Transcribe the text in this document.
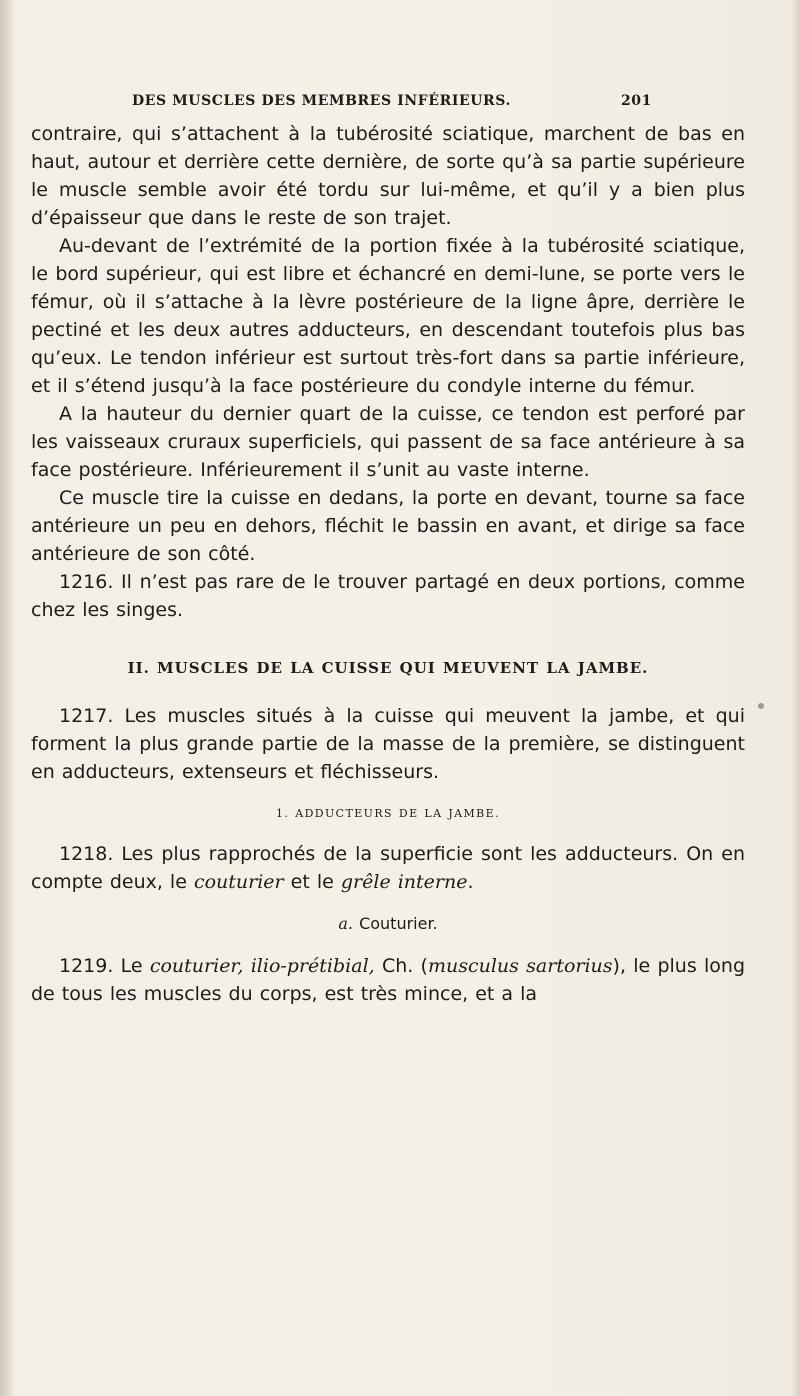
DES MUSCLES DES MEMBRES INFÉRIEURS.	201

contraire, qui s’attachent à la tubérosité sciatique, marchent de bas en haut, autour et derrière cette dernière, de sorte qu’à sa partie supérieure le muscle semble avoir été tordu sur lui-même, et qu’il y a bien plus d’épaisseur que dans le reste de son trajet.

Au-devant de l’extrémité de la portion fixée à la tubérosité sciatique, le bord supérieur, qui est libre et échancré en demi-lune, se porte vers le fémur, où il s’attache à la lèvre postérieure de la ligne âpre, derrière le pectiné et les deux autres adducteurs, en descendant toutefois plus bas qu’eux. Le tendon inférieur est surtout très-fort dans sa partie inférieure, et il s’étend jusqu’à la face postérieure du condyle interne du fémur.

A la hauteur du dernier quart de la cuisse, ce tendon est perforé par les vaisseaux cruraux superficiels, qui passent de sa face antérieure à sa face postérieure. Inférieurement il s’unit au vaste interne.

Ce muscle tire la cuisse en dedans, la porte en devant, tourne sa face antérieure un peu en dehors, fléchit le bassin en avant, et dirige sa face antérieure de son côté.

1216. Il n’est pas rare de le trouver partagé en deux portions, comme chez les singes.

II. MUSCLES DE LA CUISSE QUI MEUVENT LA JAMBE.

1217. Les muscles situés à la cuisse qui meuvent la jambe, et qui forment la plus grande partie de la masse de la première, se distinguent en adducteurs, extenseurs et fléchisseurs.

1. ADDUCTEURS DE LA JAMBE.

1218. Les plus rapprochés de la superficie sont les adducteurs. On en compte deux, le couturier et le grêle interne.

a. Couturier.

1219. Le couturier, ilio-prétibial, Ch. (musculus sartorius), le plus long de tous les muscles du corps, est très mince, et a la
